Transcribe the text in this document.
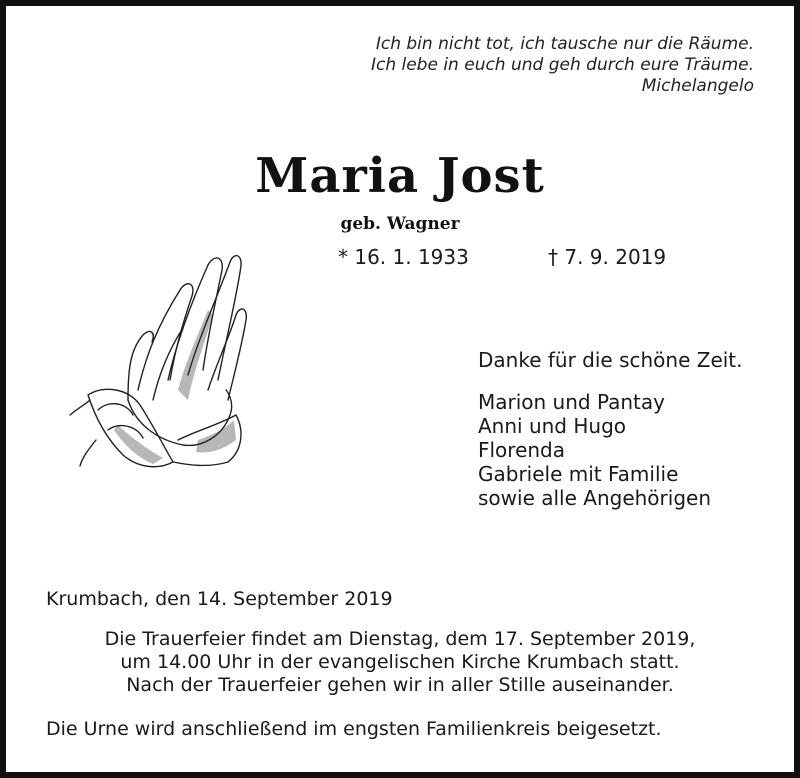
Ich bin nicht tot, ich tausche nur die Räume.
Ich lebe in euch und geh durch eure Träume.
Michelangelo
Maria Jost
geb. Wagner
* 16. 1. 1933	† 7. 9. 2019
Danke für die schöne Zeit.
Marion und Pantay
Anni und Hugo
Florenda
Gabriele mit Familie
sowie alle Angehörigen
Krumbach, den 14. September 2019
Die Trauerfeier findet am Dienstag, dem 17. September 2019,
um 14.00 Uhr in der evangelischen Kirche Krumbach statt.
Nach der Trauerfeier gehen wir in aller Stille auseinander.
Die Urne wird anschließend im engsten Familienkreis beigesetzt.
